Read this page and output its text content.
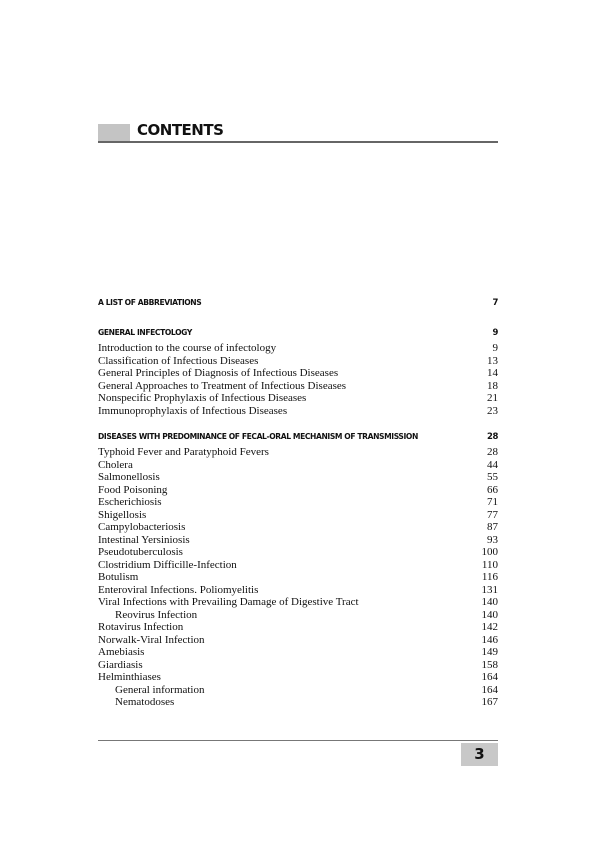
CONTENTS
A LIST OF ABBREVIATIONS	7
GENERAL INFECTOLOGY	9
Introduction to the course of infectology	9
Classification of Infectious Diseases	13
General Principles of Diagnosis of Infectious Diseases	14
General Approaches to Treatment of Infectious Diseases	18
Nonspecific Prophylaxis of Infectious Diseases	21
Immunoprophylaxis of Infectious Diseases	23
DISEASES WITH PREDOMINANCE OF FECAL-ORAL MECHANISM OF TRANSMISSION	28
Typhoid Fever and Paratyphoid Fevers	28
Cholera	44
Salmonellosis	55
Food Poisoning	66
Escherichiosis	71
Shigellosis	77
Campylobacteriosis	87
Intestinal Yersiniosis	93
Pseudotuberculosis	100
Clostridium Difficille-Infection	110
Botulism	116
Enteroviral Infections. Poliomyelitis	131
Viral Infections with Prevailing Damage of Digestive Tract	140
Reovirus Infection	140
Rotavirus Infection	142
Norwalk-Viral Infection	146
Amebiasis	149
Giardiasis	158
Helminthiases	164
General information	164
Nematodoses	167
3
